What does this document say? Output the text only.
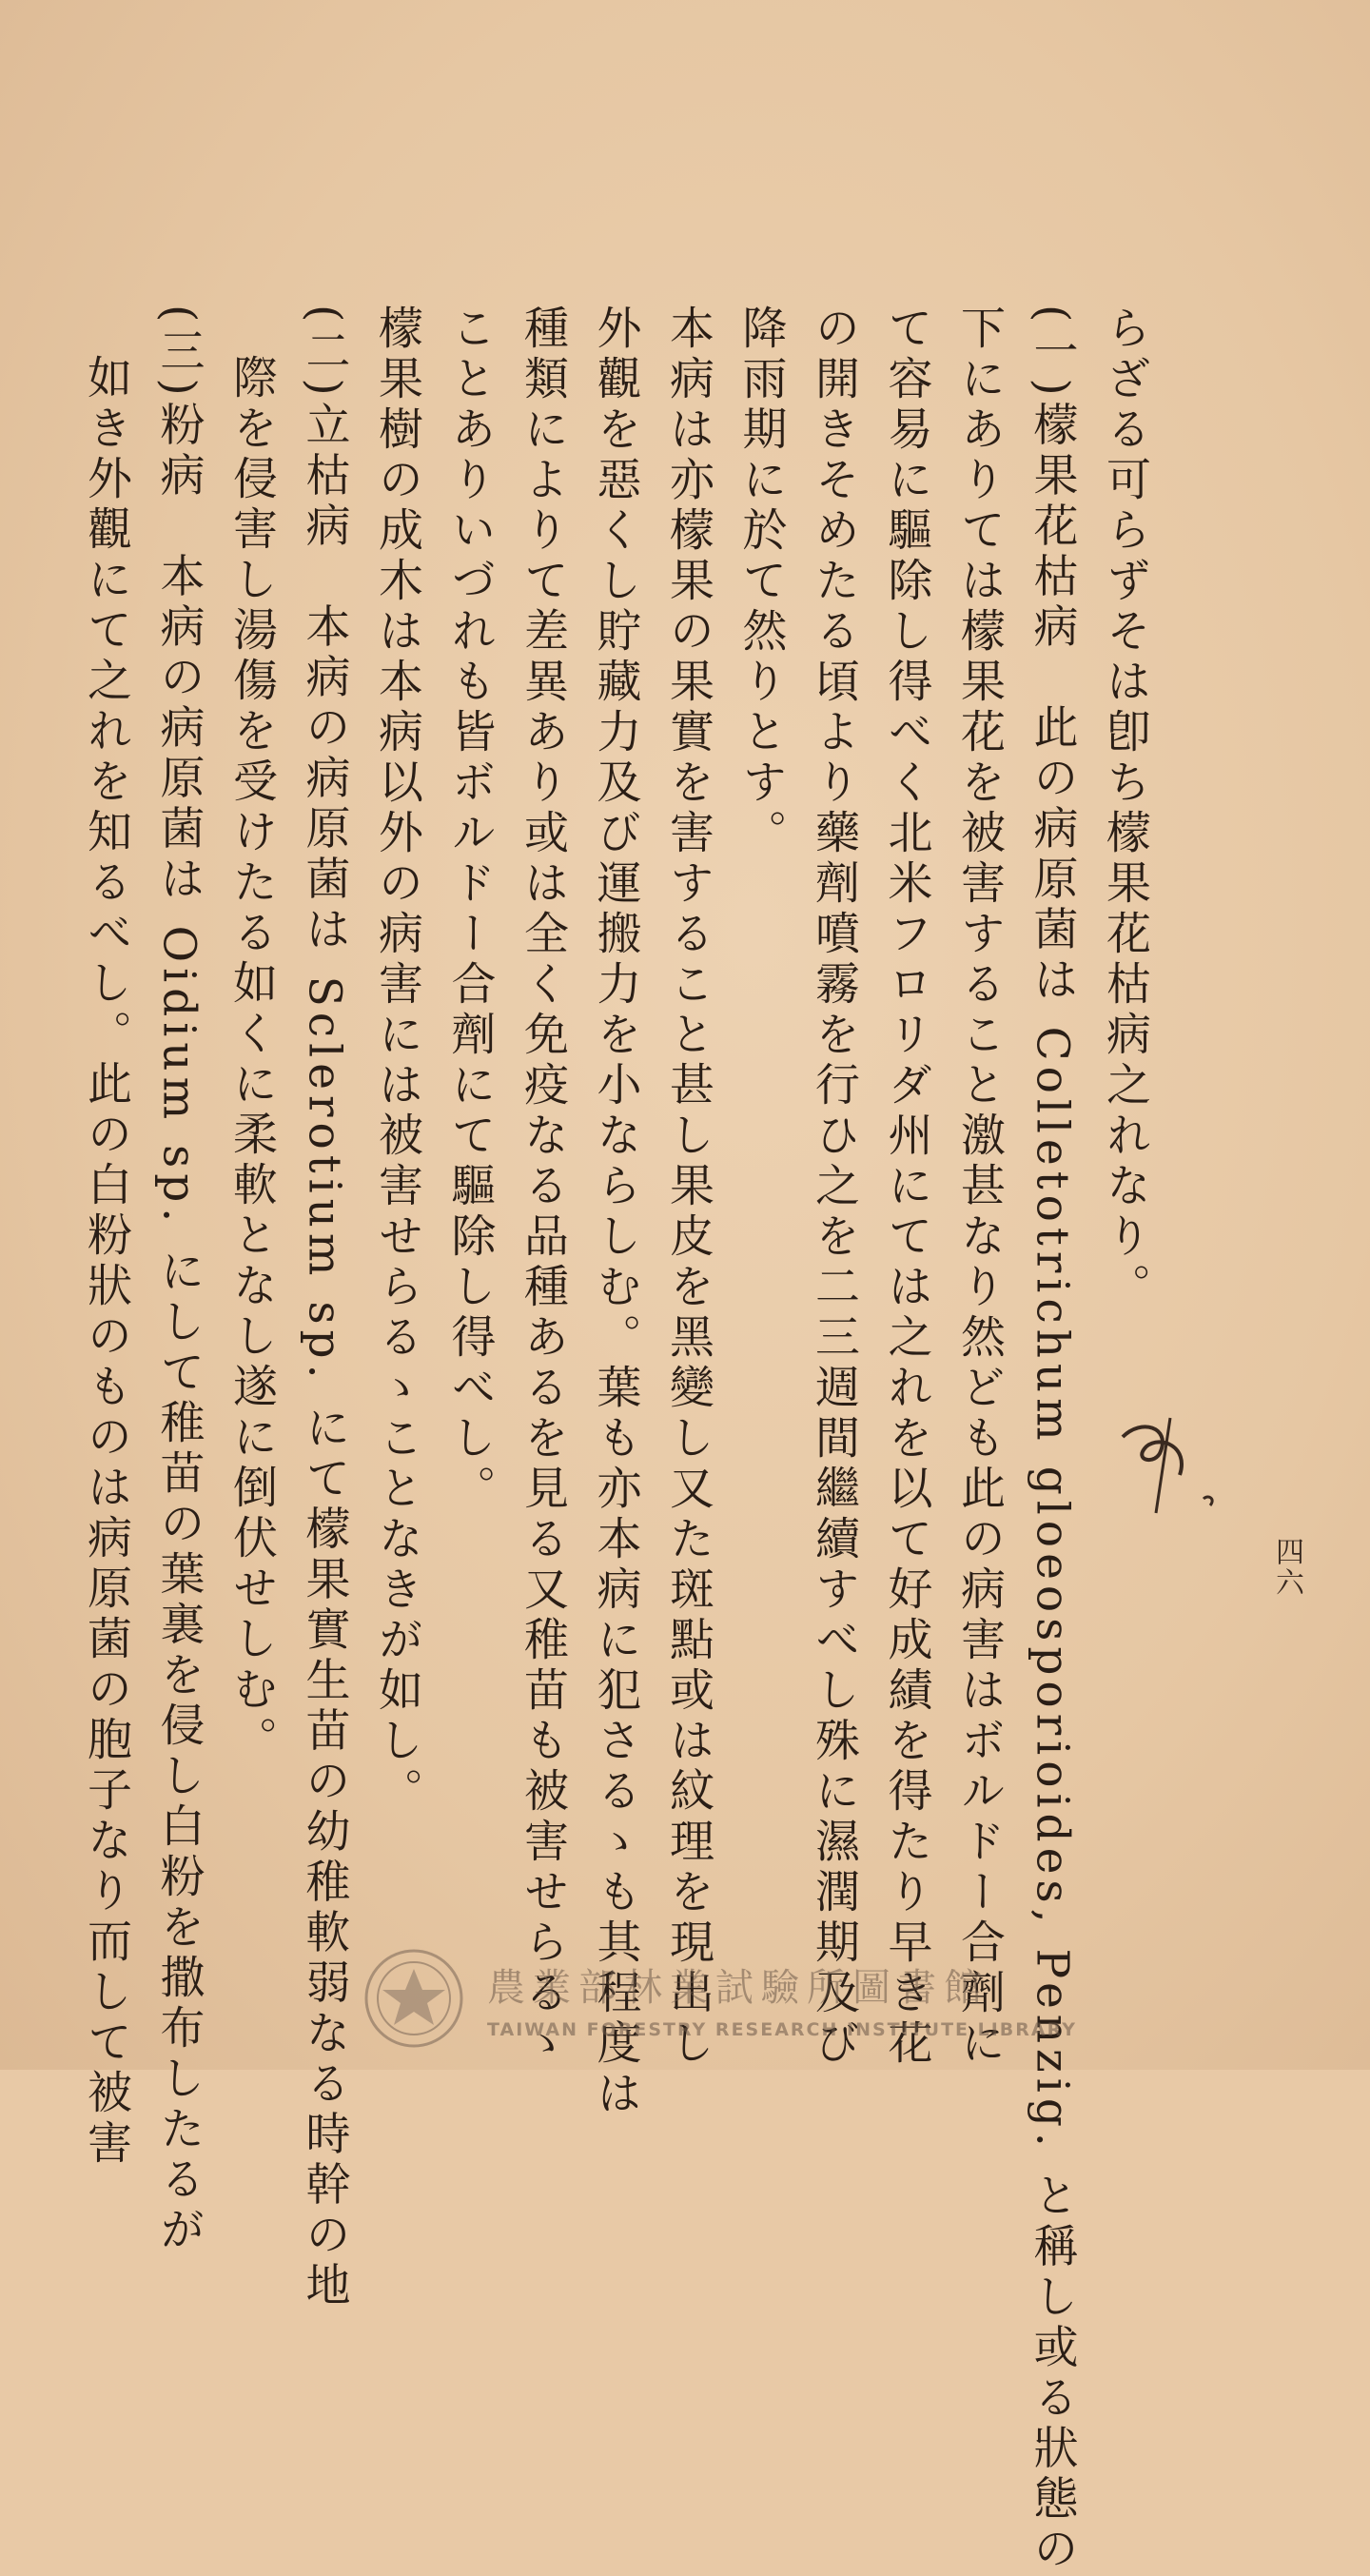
らざる可らずそは卽ち檬果花枯病之れなり。
(一)檬果花枯病　此の病原菌は Colletotrichum gloeosporioides, Penzig. と稱し或る狀態の
下にありては檬果花を被害すること激甚なり然ども此の病害はボルドー合劑に
て容易に驅除し得べく北米フロリダ州にては之れを以て好成績を得たり早き花
の開きそめたる頃より藥劑噴霧を行ひ之を二三週間繼續すべし殊に濕潤期及び
降雨期に於て然りとす。
本病は亦檬果の果實を害すること甚し果皮を黑變し又た斑點或は紋理を現出し
外觀を惡くし貯藏力及び運搬力を小ならしむ。葉も亦本病に犯さるゝも其程度は
種類によりて差異あり或は全く免疫なる品種あるを見る又稚苗も被害せらるゝ
ことありいづれも皆ボルドー合劑にて驅除し得べし。
檬果樹の成木は本病以外の病害には被害せらるゝことなきが如し。
(二)立枯病　本病の病原菌は Sclerotium sp. にて檬果實生苗の幼稚軟弱なる時幹の地
際を侵害し湯傷を受けたる如くに柔軟となし遂に倒伏せしむ。
(三)粉病　本病の病原菌は Oidium sp. にして稚苗の葉裏を侵し白粉を撒布したるが
如き外觀にて之れを知るべし。此の白粉狀のものは病原菌の胞子なり而して被害	四六
農業部林業試驗所圖書館
TAIWAN FORESTRY RESEARCH INSTITUTE LIBRARY
